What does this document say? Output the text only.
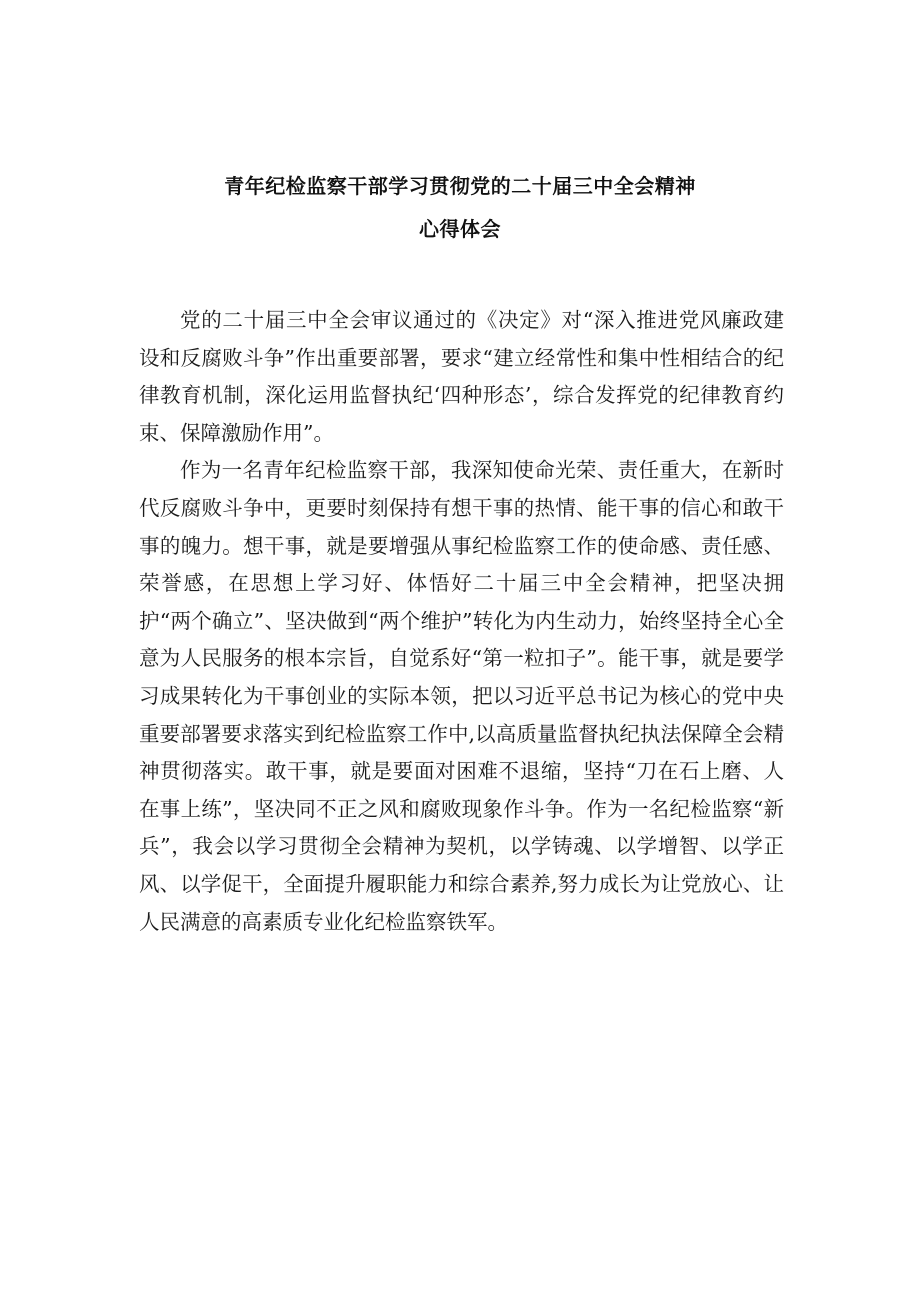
青年纪检监察干部学习贯彻党的二十届三中全会精神
心得体会

党的二十届三中全会审议通过的《决定》对“深入推进党风廉政建设和反腐败斗争”作出重要部署，要求“建立经常性和集中性相结合的纪律教育机制，深化运用监督执纪‘四种形态’，综合发挥党的纪律教育约束、保障激励作用”。

作为一名青年纪检监察干部，我深知使命光荣、责任重大，在新时代反腐败斗争中，更要时刻保持有想干事的热情、能干事的信心和敢干事的魄力。想干事，就是要增强从事纪检监察工作的使命感、责任感、荣誉感，在思想上学习好、体悟好二十届三中全会精神，把坚决拥护“两个确立”、坚决做到“两个维护”转化为内生动力，始终坚持全心全意为人民服务的根本宗旨，自觉系好“第一粒扣子”。能干事，就是要学习成果转化为干事创业的实际本领，把以习近平总书记为核心的党中央重要部署要求落实到纪检监察工作中,以高质量监督执纪执法保障全会精神贯彻落实。敢干事，就是要面对困难不退缩，坚持“刀在石上磨、人在事上练”，坚决同不正之风和腐败现象作斗争。作为一名纪检监察“新兵”，我会以学习贯彻全会精神为契机，以学铸魂、以学增智、以学正风、以学促干，全面提升履职能力和综合素养,努力成长为让党放心、让人民满意的高素质专业化纪检监察铁军。
